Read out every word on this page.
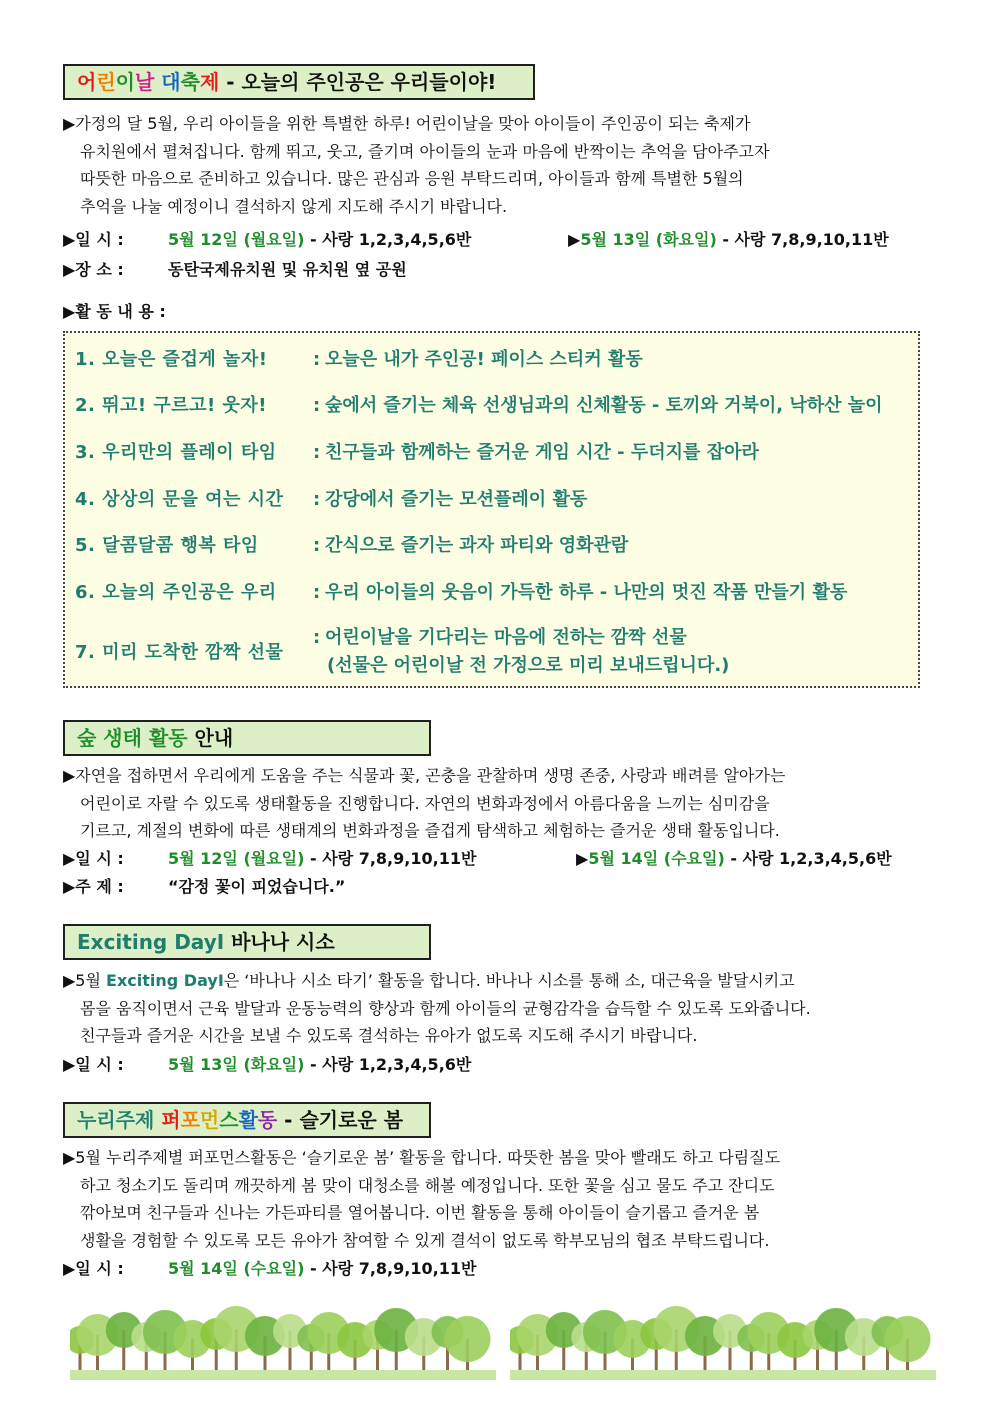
어린이날 대축제 - 오늘의 주인공은 우리들이야!
▶가정의 달 5월, 우리 아이들을 위한 특별한 하루! 어린이날을 맞아 아이들이 주인공이 되는 축제가
유치원에서 펼쳐집니다. 함께 뛰고, 웃고, 즐기며 아이들의 눈과 마음에 반짝이는 추억을 담아주고자
따뜻한 마음으로 준비하고 있습니다. 많은 관심과 응원 부탁드리며, 아이들과 함께 특별한 5월의
추억을 나눌 예정이니 결석하지 않게 지도해 주시기 바랍니다.
▶일 시 :	5월 12일 (월요일) - 사랑 1,2,3,4,5,6반	▶5월 13일 (화요일) - 사랑 7,8,9,10,11반
▶장 소 :	동탄국제유치원 및 유치원 옆 공원
▶활 동 내 용 :
1. 오늘은 즐겁게 놀자!	: 오늘은 내가 주인공! 페이스 스티커 활동
2. 뛰고! 구르고! 웃자!	: 숲에서 즐기는 체육 선생님과의 신체활동 - 토끼와 거북이, 낙하산 놀이
3. 우리만의 플레이 타임 : 친구들과 함께하는 즐거운 게임 시간 - 두더지를 잡아라
4. 상상의 문을 여는 시간 : 강당에서 즐기는 모션플레이 활동
5. 달콤달콤 행복 타임	: 간식으로 즐기는 과자 파티와 영화관람
6. 오늘의 주인공은 우리 : 우리 아이들의 웃음이 가득한 하루 - 나만의 멋진 작품 만들기 활동
7. 미리 도착한 깜짝 선물
: 어린이날을 기다리는 마음에 전하는 깜짝 선물
(선물은 어린이날 전 가정으로 미리 보내드립니다.)
숲 생태 활동 안내
▶자연을 접하면서 우리에게 도움을 주는 식물과 꽃, 곤충을 관찰하며 생명 존중, 사랑과 배려를 알아가는
어린이로 자랄 수 있도록 생태활동을 진행합니다. 자연의 변화과정에서 아름다움을 느끼는 심미감을
기르고, 계절의 변화에 따른 생태계의 변화과정을 즐겁게 탐색하고 체험하는 즐거운 생태 활동입니다.
▶일 시 :	5월 12일 (월요일) - 사랑 7,8,9,10,11반	▶5월 14일 (수요일) - 사랑 1,2,3,4,5,6반
▶주 제 :	“감정 꽃이 피었습니다.”
Exciting DayⅠ 바나나 시소
▶5월 Exciting DayⅠ은 ‘바나나 시소 타기’ 활동을 합니다. 바나나 시소를 통해 소, 대근육을 발달시키고
몸을 움직이면서 근육 발달과 운동능력의 향상과 함께 아이들의 균형감각을 습득할 수 있도록 도와줍니다.
친구들과 즐거운 시간을 보낼 수 있도록 결석하는 유아가 없도록 지도해 주시기 바랍니다.
▶일 시 :	5월 13일 (화요일) - 사랑 1,2,3,4,5,6반
누리주제 퍼포먼스활동 - 슬기로운 봄
▶5월 누리주제별 퍼포먼스활동은 ‘슬기로운 봄’ 활동을 합니다. 따뜻한 봄을 맞아 빨래도 하고 다림질도
하고 청소기도 돌리며 깨끗하게 봄 맞이 대청소를 해볼 예정입니다. 또한 꽃을 심고 물도 주고 잔디도
깎아보며 친구들과 신나는 가든파티를 열어봅니다. 이번 활동을 통해 아이들이 슬기롭고 즐거운 봄
생활을 경험할 수 있도록 모든 유아가 참여할 수 있게 결석이 없도록 학부모님의 협조 부탁드립니다.
▶일 시 :	5월 14일 (수요일) - 사랑 7,8,9,10,11반
